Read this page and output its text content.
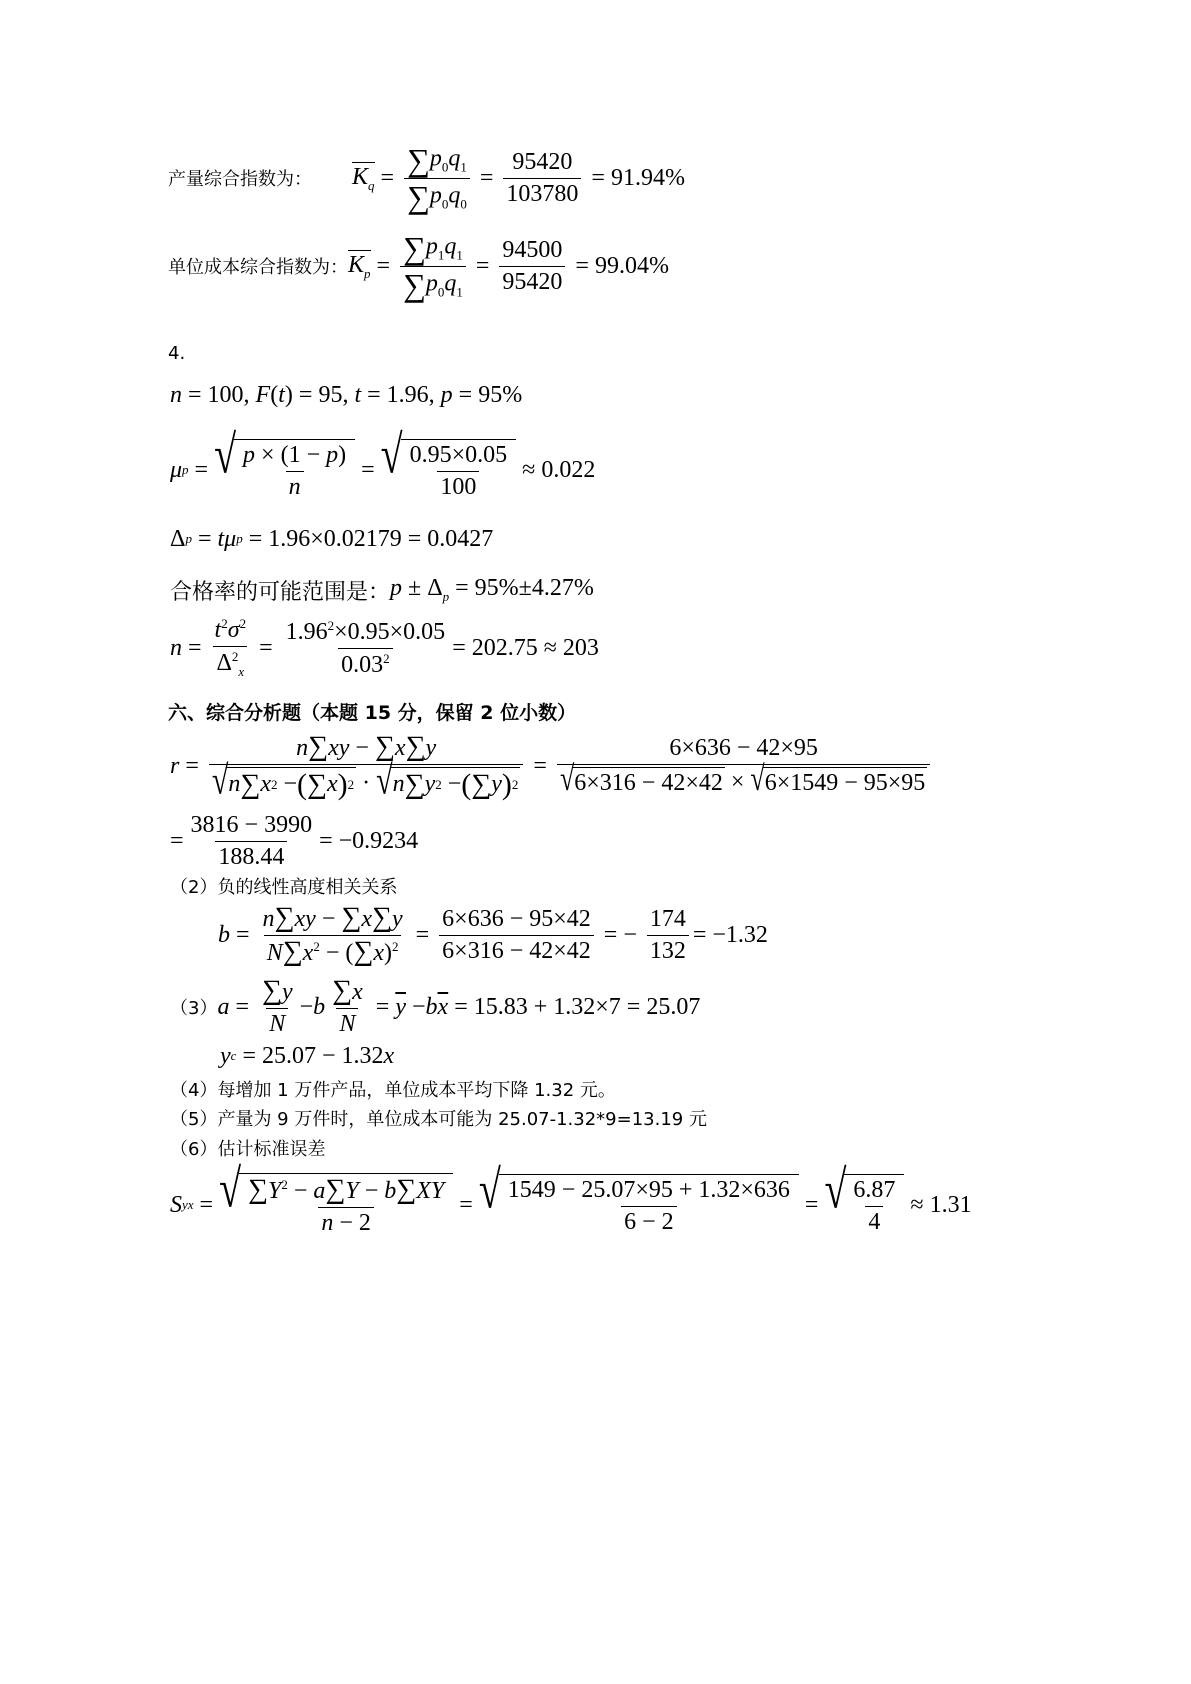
产量综合指数为： $K_q = \frac{\sum p_0q_1}{\sum p_0q_0} = \frac{95420}{103780} = 91.94\%$
单位成本综合指数为： $K_p = \frac{\sum p_1q_1}{\sum p_0q_1} = \frac{94500}{95420} = 99.04\%$
4.
n = 100, F ( t ) = 95, t = 1.96, p = 95%
μ p = √ $\frac{p \times (1 - p)}{n}$ = √ $\frac{0.95\times 0.05}{100} \approx 0.022$
Δ p = tμ p
= 1.96×0.02179 = 0.0427
合格率的可能范围是： $p \pm \Delta_p = 95\%\pm 4.27\%$
$n = \frac{t^2\sigma^2}{\Delta^2_x} = \frac{1.96^2\times 0.95\times 0.05}{0.03^2} = 202.75 \approx 203$
六、综合分析题（本题 15 分，保留 2 位小数）
$r = \frac{n\sum xy - \sum x\sum y}{√ n \sum x 2 - ( \sum x ) 2 \cdot √ n \sum y 2 - ( \sum y ) 2} = \frac{6\times 636 - 42\times 95}{√ 6\times 316 - 42\times 42 \times √ 6\times 1549 - 95\times 95}$
= $\frac{3816 - 3990}{188.44} = -0.9234$
（2）负的线性高度相关关系
$b = \frac{n\sum xy - \sum x\sum y}{N\sum x^2 - (\sum x)^2} = \frac{6\times 636 - 95\times 42}{6\times 316 - 42\times 42}$ = − $\frac{174}{132} = -1.32$
（3） $a = \frac{\sum y}{N} - b \frac{\sum x}{N} = \overline{y} - b$ $\overline{x}$
= 15.83 + 1.32×7 = 25.07
y c
= 25.07 − 1.32 x
（4）每增加 1 万件产品，单位成本平均下降 1.32 元。
（5）产量为 9 万件时，单位成本可能为 25.07-1.32*9=13.19 元
（6）估计标准误差
S yx = √ $\frac{\sum Y^2 - a\sum Y - b\sum XY}{n - 2}$ = √ $\frac{1549 - 25.07\times 95 + 1.32\times 636}{6 - 2}$ = √ $\frac{6.87}{4} \approx 1.31$
